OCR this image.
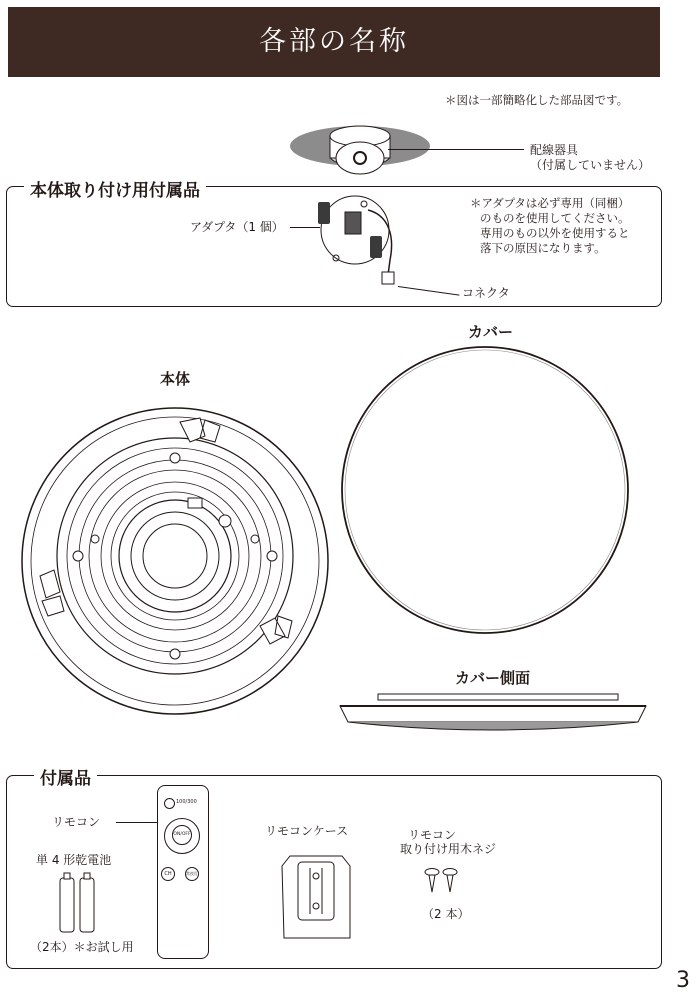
各部の名称
＊図は一部簡略化した部品図です。
配線器具
（付属していません）
本体取り付け用付属品
アダプタ（1 個）
コネクタ
＊アダプタは必ず専用（同梱）
のものを使用してください。
専用のもの以外を使用すると
落下の原因になります。
本体
カバー
カバー側面
付属品
リモコン
100/300
ON/OFF
CH	常夜灯
単 4 形乾電池
（2本）＊お試し用
リモコンケース	リモコン
取り付け用木ネジ
（2 本）
3
